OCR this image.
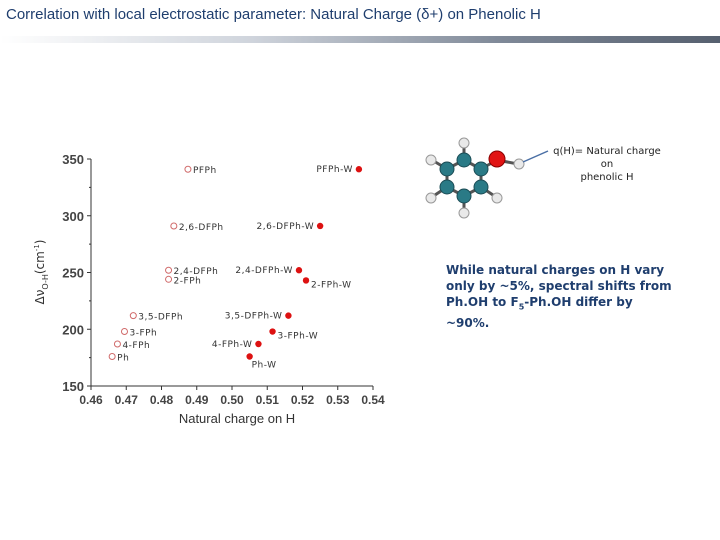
Correlation with local electrostatic parameter: Natural Charge (δ+) on Phenolic H
150
200
250
300
350
0.46 0.47 0.48 0.49 0.50 0.51 0.52 0.53 0.54
Natural charge on H
$\Delta\nu_{O-H}(cm^{-1})$
PFPh
2,6-DFPh
2,4-DFPh
2-FPh
3,5-DFPh
3-FPh
4-FPh
Ph
PFPh-W
2,6-DFPh-W
2,4-DFPh-W
2-FPh-W
3,5-DFPh-W
3-FPh-W
4-FPh-W
Ph-W
q(H)= Natural charge on
phenolic H
While natural charges on H vary only by ~5%, spectral shifts from Ph.OH to $F_5-Ph.OH$ differ by ~90%.
